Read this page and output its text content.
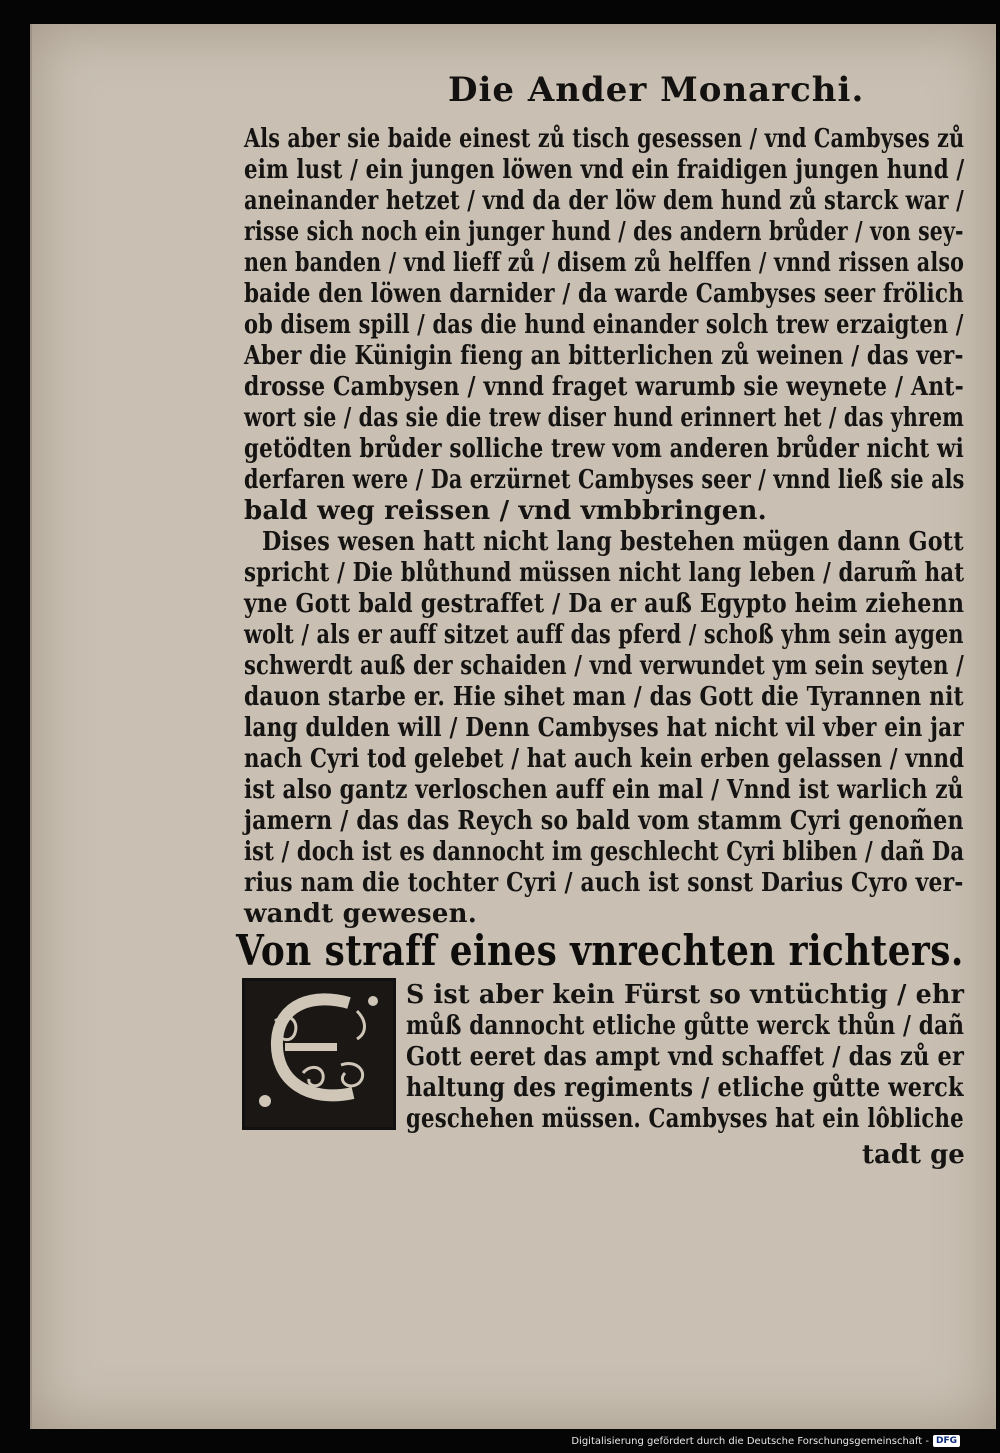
Die Ander Monarchi.
Als aber sie baide einest zů tisch gesessen / vnd Cambyses zů
eim lust / ein jungen löwen vnd ein fraidigen jungen hund /
aneinander hetzet / vnd da der löw dem hund zů starck war /
risse sich noch ein junger hund / des andern brůder / von sey-
nen banden / vnd lieff zů / disem zů helffen / vnnd rissen also
baide den löwen darnider / da warde Cambyses seer frölich
ob disem spill / das die hund einander solch trew erzaigten /
Aber die Künigin fieng an bitterlichen zů weinen / das ver-
drosse Cambysen / vnnd fraget warumb sie weynete / Ant-
wort sie / das sie die trew diser hund erinnert het / das yhrem
getödten brůder solliche trew vom anderen brůder nicht wi
derfaren were / Da erzürnet Cambyses seer / vnnd ließ sie als
bald weg reissen / vnd vmbbringen.
Dises wesen hatt nicht lang bestehen mügen dann Gott
spricht / Die blůthund müssen nicht lang leben / darum̃ hat
yne Gott bald gestraffet / Da er auß Egypto heim ziehenn
wolt / als er auff sitzet auff das pferd / schoß yhm sein aygen
schwerdt auß der schaiden / vnd verwundet ym sein seyten /
dauon starbe er. Hie sihet man / das Gott die Tyrannen nit
lang dulden will / Denn Cambyses hat nicht vil vber ein jar
nach Cyri tod gelebet / hat auch kein erben gelassen / vnnd
ist also gantz verloschen auff ein mal / Vnnd ist warlich zů
jamern / das das Reych so bald vom stamm Cyri genom̃en
ist / doch ist es dannocht im geschlecht Cyri bliben / dañ Da
rius nam die tochter Cyri / auch ist sonst Darius Cyro ver-
wandt gewesen.
Von straff eines vnrechten richters.
S ist aber kein Fürst so vntüchtig / ehr
můß dannocht etliche gůtte werck thůn / dañ
Gott eeret das ampt vnd schaffet / das zů er
haltung des regiments / etliche gůtte werck
geschehen müssen. Cambyses hat ein lôbliche
tadt ge
Digitalisierung gefördert durch die Deutsche Forschungsgemeinschaft - DFG
